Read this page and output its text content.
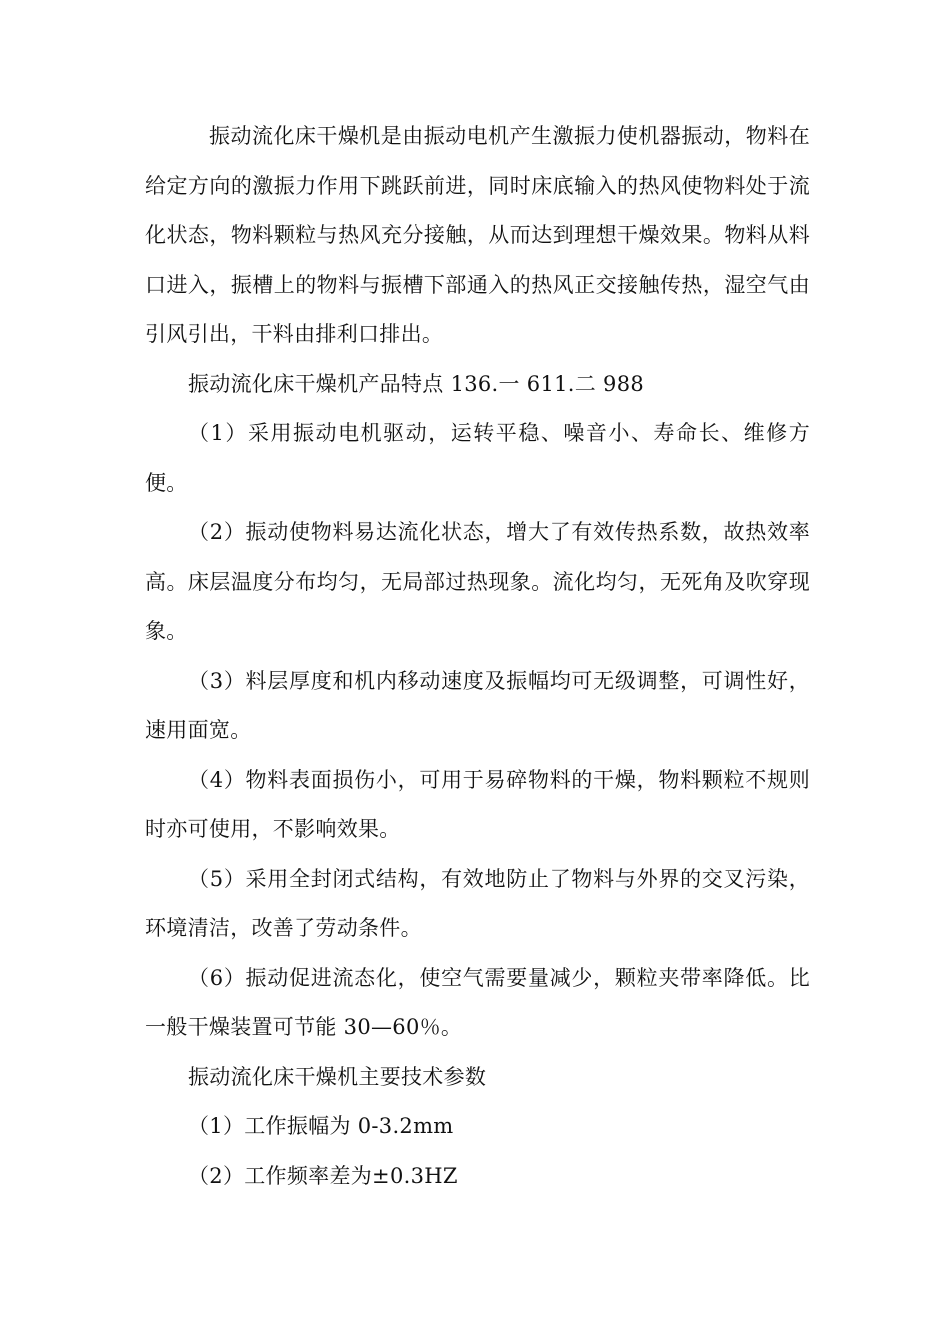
振动流化床干燥机是由振动电机产生激振力使机器振动，物料在给定方向的激振力作用下跳跃前进，同时床底输入的热风使物料处于流化状态，物料颗粒与热风充分接触，从而达到理想干燥效果。物料从料口进入，振槽上的物料与振槽下部通入的热风正交接触传热，湿空气由引风引出，干料由排利口排出。

振动流化床干燥机产品特点 136.一 611.二 988

（1）采用振动电机驱动，运转平稳、噪音小、寿命长、维修方便。

（2）振动使物料易达流化状态，增大了有效传热系数，故热效率高。床层温度分布均匀，无局部过热现象。流化均匀，无死角及吹穿现象。

（3）料层厚度和机内移动速度及振幅均可无级调整，可调性好，速用面宽。

（4）物料表面损伤小，可用于易碎物料的干燥，物料颗粒不规则时亦可使用，不影响效果。

（5）采用全封闭式结构，有效地防止了物料与外界的交叉污染，环境清洁，改善了劳动条件。

（6）振动促进流态化，使空气需要量减少，颗粒夹带率降低。比一般干燥装置可节能 30—60％。

振动流化床干燥机主要技术参数

（1）工作振幅为 0-3.2mm

（2）工作频率差为±0.3HZ
